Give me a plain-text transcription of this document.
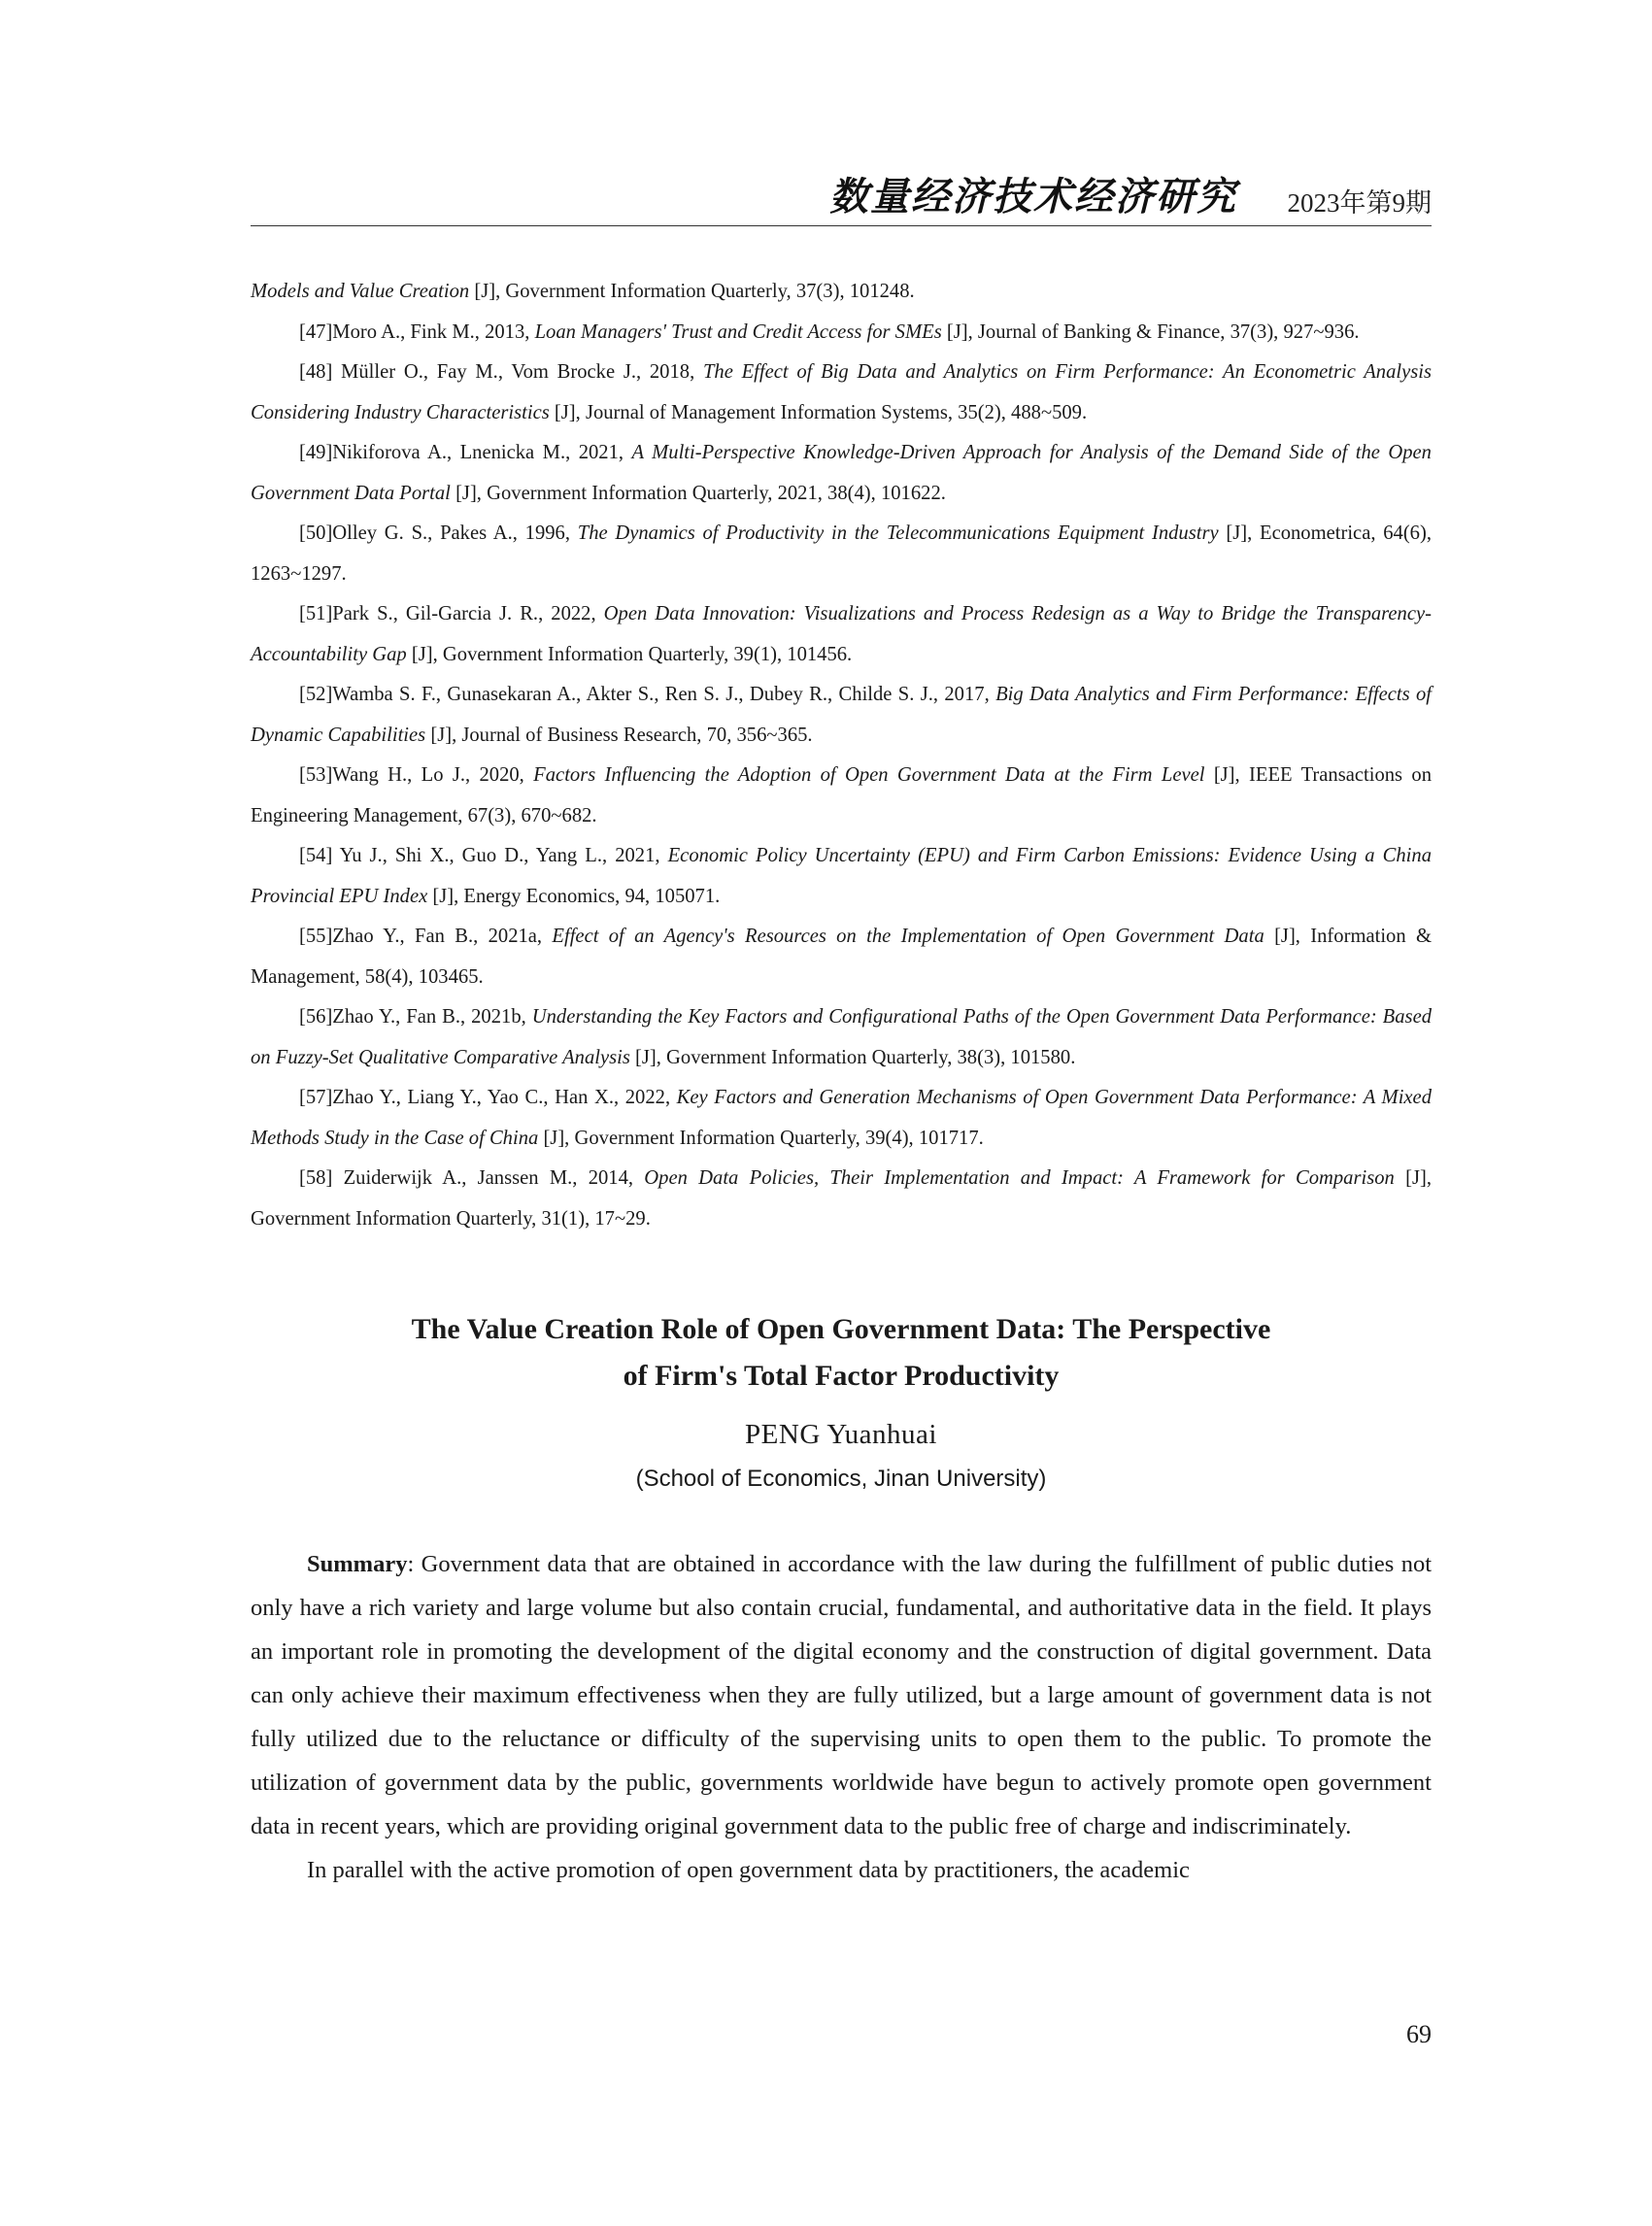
数量经济技术经济研究 2023年第9期

Models and Value Creation [J], Government Information Quarterly, 37(3), 101248.

[47]Moro A., Fink M., 2013, Loan Managers' Trust and Credit Access for SMEs [J], Journal of Banking & Finance, 37(3), 927~936.

[48] Müller O., Fay M., Vom Brocke J., 2018, The Effect of Big Data and Analytics on Firm Performance: An Econometric Analysis Considering Industry Characteristics [J], Journal of Management Information Systems, 35(2), 488~509.

[49]Nikiforova A., Lnenicka M., 2021, A Multi-Perspective Knowledge-Driven Approach for Analysis of the Demand Side of the Open Government Data Portal [J], Government Information Quarterly, 2021, 38(4), 101622.

[50]Olley G. S., Pakes A., 1996, The Dynamics of Productivity in the Telecommunications Equipment Industry [J], Econometrica, 64(6), 1263~1297.

[51]Park S., Gil-Garcia J. R., 2022, Open Data Innovation: Visualizations and Process Redesign as a Way to Bridge the Transparency-Accountability Gap [J], Government Information Quarterly, 39(1), 101456.

[52]Wamba S. F., Gunasekaran A., Akter S., Ren S. J., Dubey R., Childe S. J., 2017, Big Data Analytics and Firm Performance: Effects of Dynamic Capabilities [J], Journal of Business Research, 70, 356~365.

[53]Wang H., Lo J., 2020, Factors Influencing the Adoption of Open Government Data at the Firm Level [J], IEEE Transactions on Engineering Management, 67(3), 670~682.

[54] Yu J., Shi X., Guo D., Yang L., 2021, Economic Policy Uncertainty (EPU) and Firm Carbon Emissions: Evidence Using a China Provincial EPU Index [J], Energy Economics, 94, 105071.

[55]Zhao Y., Fan B., 2021a, Effect of an Agency's Resources on the Implementation of Open Government Data [J], Information & Management, 58(4), 103465.

[56]Zhao Y., Fan B., 2021b, Understanding the Key Factors and Configurational Paths of the Open Government Data Performance: Based on Fuzzy-Set Qualitative Comparative Analysis [J], Government Information Quarterly, 38(3), 101580.

[57]Zhao Y., Liang Y., Yao C., Han X., 2022, Key Factors and Generation Mechanisms of Open Government Data Performance: A Mixed Methods Study in the Case of China [J], Government Information Quarterly, 39(4), 101717.

[58] Zuiderwijk A., Janssen M., 2014, Open Data Policies, Their Implementation and Impact: A Framework for Comparison [J], Government Information Quarterly, 31(1), 17~29.

The Value Creation Role of Open Government Data: The Perspective
of Firm's Total Factor Productivity
PENG Yuanhuai
(School of Economics, Jinan University)

Summary: Government data that are obtained in accordance with the law during the fulfillment of public duties not only have a rich variety and large volume but also contain crucial, fundamental, and authoritative data in the field. It plays an important role in promoting the development of the digital economy and the construction of digital government. Data can only achieve their maximum effectiveness when they are fully utilized, but a large amount of government data is not fully utilized due to the reluctance or difficulty of the supervising units to open them to the public. To promote the utilization of government data by the public, governments worldwide have begun to actively promote open government data in recent years, which are providing original government data to the public free of charge and indiscriminately.

In parallel with the active promotion of open government data by practitioners, the academic

69
